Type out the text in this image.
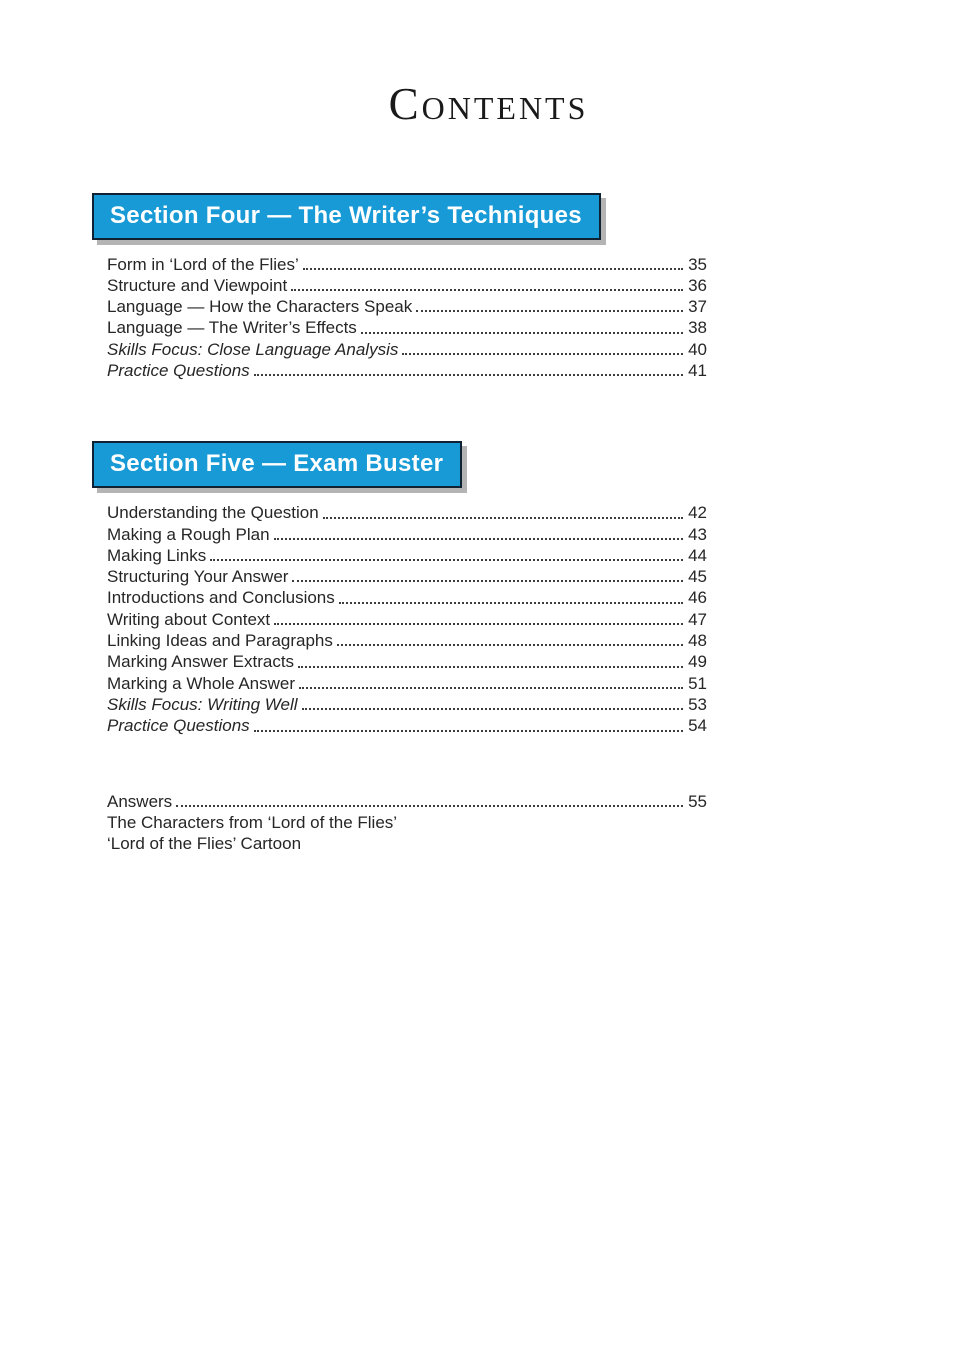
CONTENTS
Section Four — The Writer’s Techniques
Form in ‘Lord of the Flies’	35
Structure and Viewpoint	36
Language — How the Characters Speak	37
Language — The Writer’s Effects	38
Skills Focus: Close Language Analysis	40
Practice Questions	41
Section Five — Exam Buster
Understanding the Question	42
Making a Rough Plan	43
Making Links	44
Structuring Your Answer	45
Introductions and Conclusions	46
Writing about Context	47
Linking Ideas and Paragraphs	48
Marking Answer Extracts	49
Marking a Whole Answer	51
Skills Focus: Writing Well	53
Practice Questions	54
Answers	55
The Characters from ‘Lord of the Flies’
‘Lord of the Flies’ Cartoon
